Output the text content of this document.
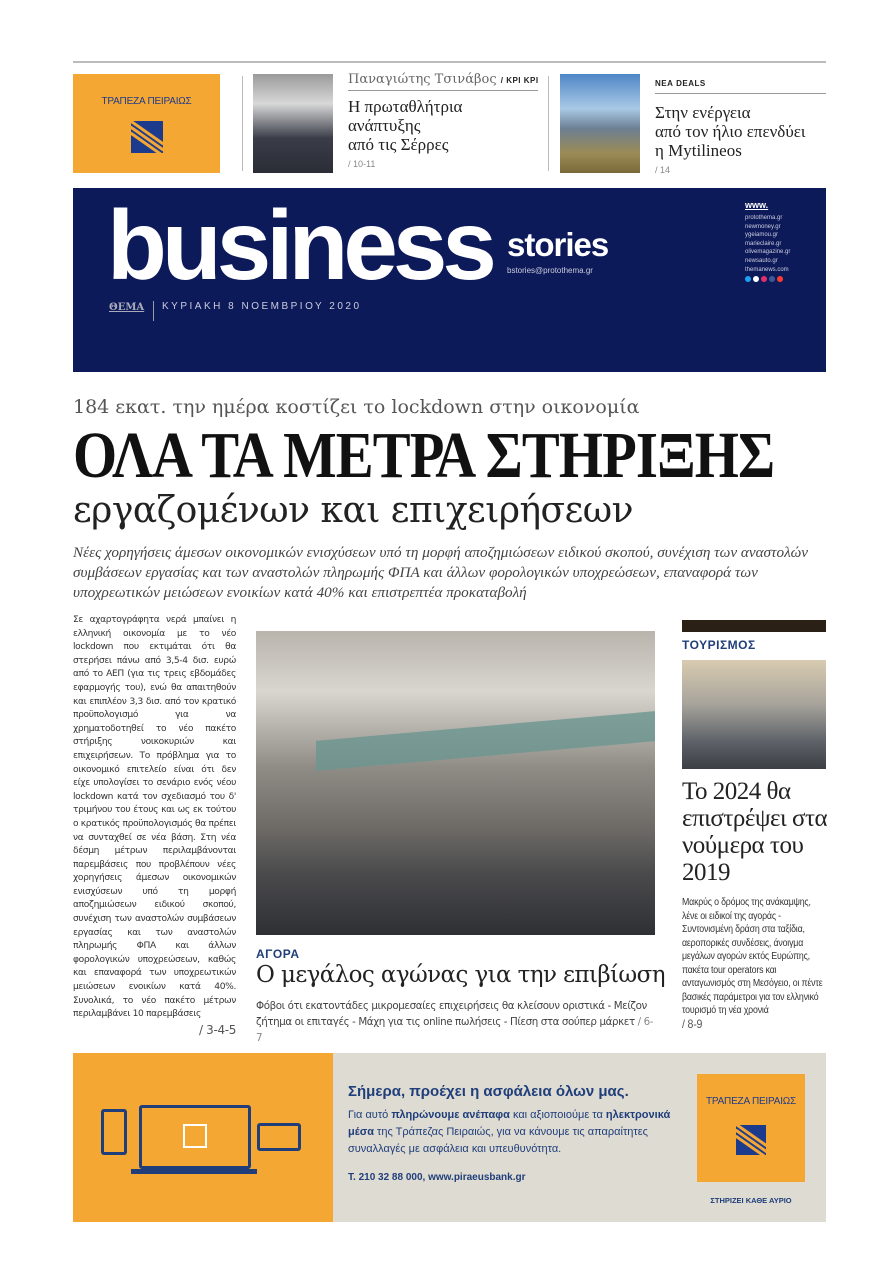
ΤΡΑΠΕΖΑ ΠΕΙΡΑΙΩΣ
Παναγιώτης Τσινάβος / ΚΡΙ ΚΡΙ
Η πρωταθλήτρια
ανάπτυξης
από τις Σέρρες
/ 10-11
ΝΕΑ DEALS
Στην ενέργεια
από τον ήλιο επενδύει
η Mytilineos
/ 14
business stories
bstories@protothema.gr
ΘΕΜΑ	ΚΥΡΙΑΚΗ 8 ΝΟΕΜΒΡΙΟΥ 2020
www.
protothema.gr
newmoney.gr
ygeiamou.gr
marieclaire.gr
olivemagazine.gr
newsauto.gr
themanews.com
184 εκατ. την ημέρα κοστίζει το lockdown στην οικονομία
ΟΛΑ ΤΑ ΜΕΤΡΑ ΣΤΗΡΙΞΗΣ
εργαζομένων και επιχειρήσεων
Νέες χορηγήσεις άμεσων οικονομικών ενισχύσεων υπό τη μορφή αποζημιώσεων ειδικού σκοπού, συνέχιση των αναστολών συμβάσεων εργασίας και των αναστολών πληρωμής ΦΠΑ και άλλων φορολογικών υποχρεώσεων, επαναφορά των υποχρεωτικών μειώσεων ενοικίων κατά 40% και επιστρεπτέα προκαταβολή
Σε αχαρτογράφητα νερά μπαίνει η ελληνική οικονομία με το νέο lockdown που εκτιμάται ότι θα στερήσει πάνω από 3,5-4 δισ. ευρώ από το ΑΕΠ (για τις τρεις εβδομάδες εφαρμογής του), ενώ θα απαιτηθούν και επιπλέον 3,3 δισ. από τον κρατικό προϋπολογισμό για να χρηματοδοτηθεί το νέο πακέτο στήριξης νοικοκυριών και επιχειρήσεων. Το πρόβλημα για το οικονομικό επιτελείο είναι ότι δεν είχε υπολογίσει το σενάριο ενός νέου lockdown κατά τον σχεδιασμό του δ' τριμήνου του έτους και ως εκ τούτου ο κρατικός προϋπολογισμός θα πρέπει να συνταχθεί σε νέα βάση. Στη νέα δέσμη μέτρων περιλαμβάνονται παρεμβάσεις που προβλέπουν νέες χορηγήσεις άμεσων οικονομικών ενισχύσεων υπό τη μορφή αποζημιώσεων ειδικού σκοπού, συνέχιση των αναστολών συμβάσεων εργασίας και των αναστολών πληρωμής ΦΠΑ και άλλων φορολογικών υποχρεώσεων, καθώς και επαναφορά των υποχρεωτικών μειώσεων ενοικίων κατά 40%. Συνολικά, το νέο πακέτο μέτρων περιλαμβάνει 10 παρεμβάσεις
/ 3-4-5
ΑΓΟΡΑ
Ο μεγάλος αγώνας για την επιβίωση
Φόβοι ότι εκατοντάδες μικρομεσαίες επιχειρήσεις θα κλείσουν οριστικά - Μείζον ζήτημα οι επιταγές - Μάχη για τις online πωλήσεις - Πίεση στα σούπερ μάρκετ / 6-7
ΤΟΥΡΙΣΜΟΣ
Το 2024 θα επιστρέψει στα νούμερα του 2019
Μακρύς ο δρόμος της ανάκαμψης, λένε οι ειδικοί της αγοράς - Συντονισμένη δράση στα ταξίδια, αεροπορικές συνδέσεις, άνοιγμα μεγάλων αγορών εκτός Ευρώπης, πακέτα tour operators και ανταγωνισμός στη Μεσόγειο, οι πέντε βασικές παράμετροι για τον ελληνικό τουρισμό τη νέα χρονιά
/ 8-9
Σήμερα, προέχει η ασφάλεια όλων μας.
Για αυτό πληρώνουμε ανέπαφα και αξιοποιούμε τα ηλεκτρονικά μέσα της Τράπεζας Πειραιώς, για να κάνουμε τις απαραίτητες συναλλαγές με ασφάλεια και υπευθυνότητα.
Τ. 210 32 88 000, www.piraeusbank.gr
ΤΡΑΠΕΖΑ ΠΕΙΡΑΙΩΣ
ΣΤΗΡΙΖΕΙ ΚΑΘΕ ΑΥΡΙΟ
